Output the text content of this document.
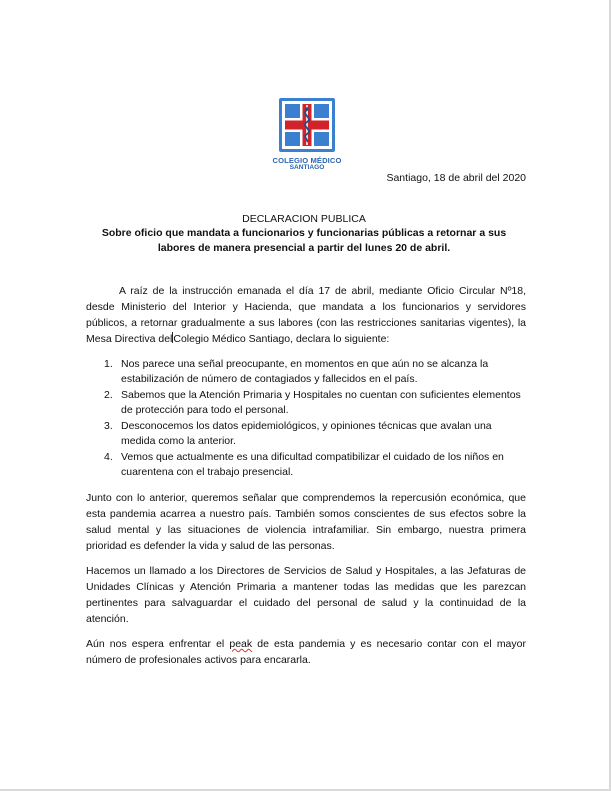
COLEGIO MÉDICO
SANTIAGO
Santiago, 18 de abril del 2020
DECLARACION PUBLICA
Sobre oficio que mandata a funcionarios y funcionarias públicas a retornar a sus labores de manera presencial a partir del lunes 20 de abril.
A raíz de la instrucción emanada el día 17 de abril, mediante Oficio Circular Nº18, desde Ministerio del Interior y Hacienda, que mandata a los funcionarios y servidores públicos, a retornar gradualmente a sus labores (con las restricciones sanitarias vigentes), la Mesa Directiva delColegio Médico Santiago, declara lo siguiente:
1. Nos parece una señal preocupante, en momentos en que aún no se alcanza la estabilización de número de contagiados y fallecidos en el país.
2. Sabemos que la Atención Primaria y Hospitales no cuentan con suficientes elementos de protección para todo el personal.
3. Desconocemos los datos epidemiológicos, y opiniones técnicas que avalan una medida como la anterior.
4. Vemos que actualmente es una dificultad compatibilizar el cuidado de los niños en cuarentena con el trabajo presencial.
Junto con lo anterior, queremos señalar que comprendemos la repercusión económica, que esta pandemia acarrea a nuestro país. También somos conscientes de sus efectos sobre la salud mental y las situaciones de violencia intrafamiliar. Sin embargo, nuestra primera prioridad es defender la vida y salud de las personas.
Hacemos un llamado a los Directores de Servicios de Salud y Hospitales, a las Jefaturas de Unidades Clínicas y Atención Primaria a mantener todas las medidas que les parezcan pertinentes para salvaguardar el cuidado del personal de salud y la continuidad de la atención.
Aún nos espera enfrentar el peak de esta pandemia y es necesario contar con el mayor número de profesionales activos para encararla.
